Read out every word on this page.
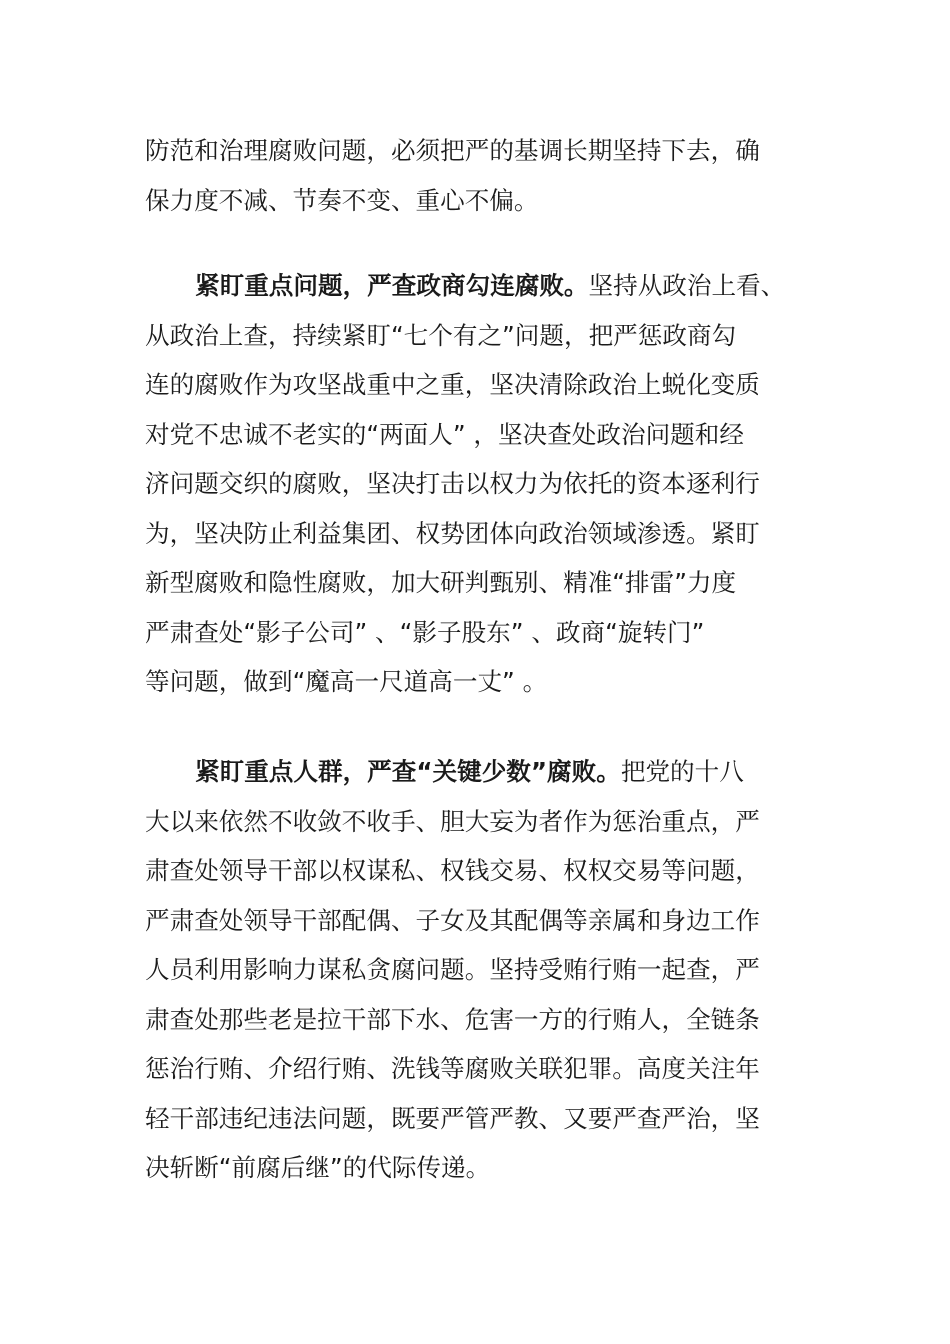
防范和治理腐败问题，必须把严的基调长期坚持下去，确
保力度不减、节奏不变、重心不偏。

紧盯重点问题，严查政商勾连腐败。坚持从政治上看、
从政治上查，持续紧盯“七个有之”问题，把严惩政商勾
连的腐败作为攻坚战重中之重，坚决清除政治上蜕化变质
对党不忠诚不老实的“两面人” ，坚决查处政治问题和经
济问题交织的腐败，坚决打击以权力为依托的资本逐利行
为，坚决防止利益集团、权势团体向政治领域渗透。紧盯
新型腐败和隐性腐败，加大研判甄别、精准“排雷”力度
严肃查处“影子公司” 、“影子股东” 、政商“旋转门”
等问题，做到“魔高一尺道高一丈” 。

紧盯重点人群，严查“关键少数”腐败。把党的十八
大以来依然不收敛不收手、胆大妄为者作为惩治重点，严
肃查处领导干部以权谋私、权钱交易、权权交易等问题，
严肃查处领导干部配偶、子女及其配偶等亲属和身边工作
人员利用影响力谋私贪腐问题。坚持受贿行贿一起查，严
肃查处那些老是拉干部下水、危害一方的行贿人，全链条
惩治行贿、介绍行贿、洗钱等腐败关联犯罪。高度关注年
轻干部违纪违法问题，既要严管严教、又要严查严治，坚
决斩断“前腐后继”的代际传递。
